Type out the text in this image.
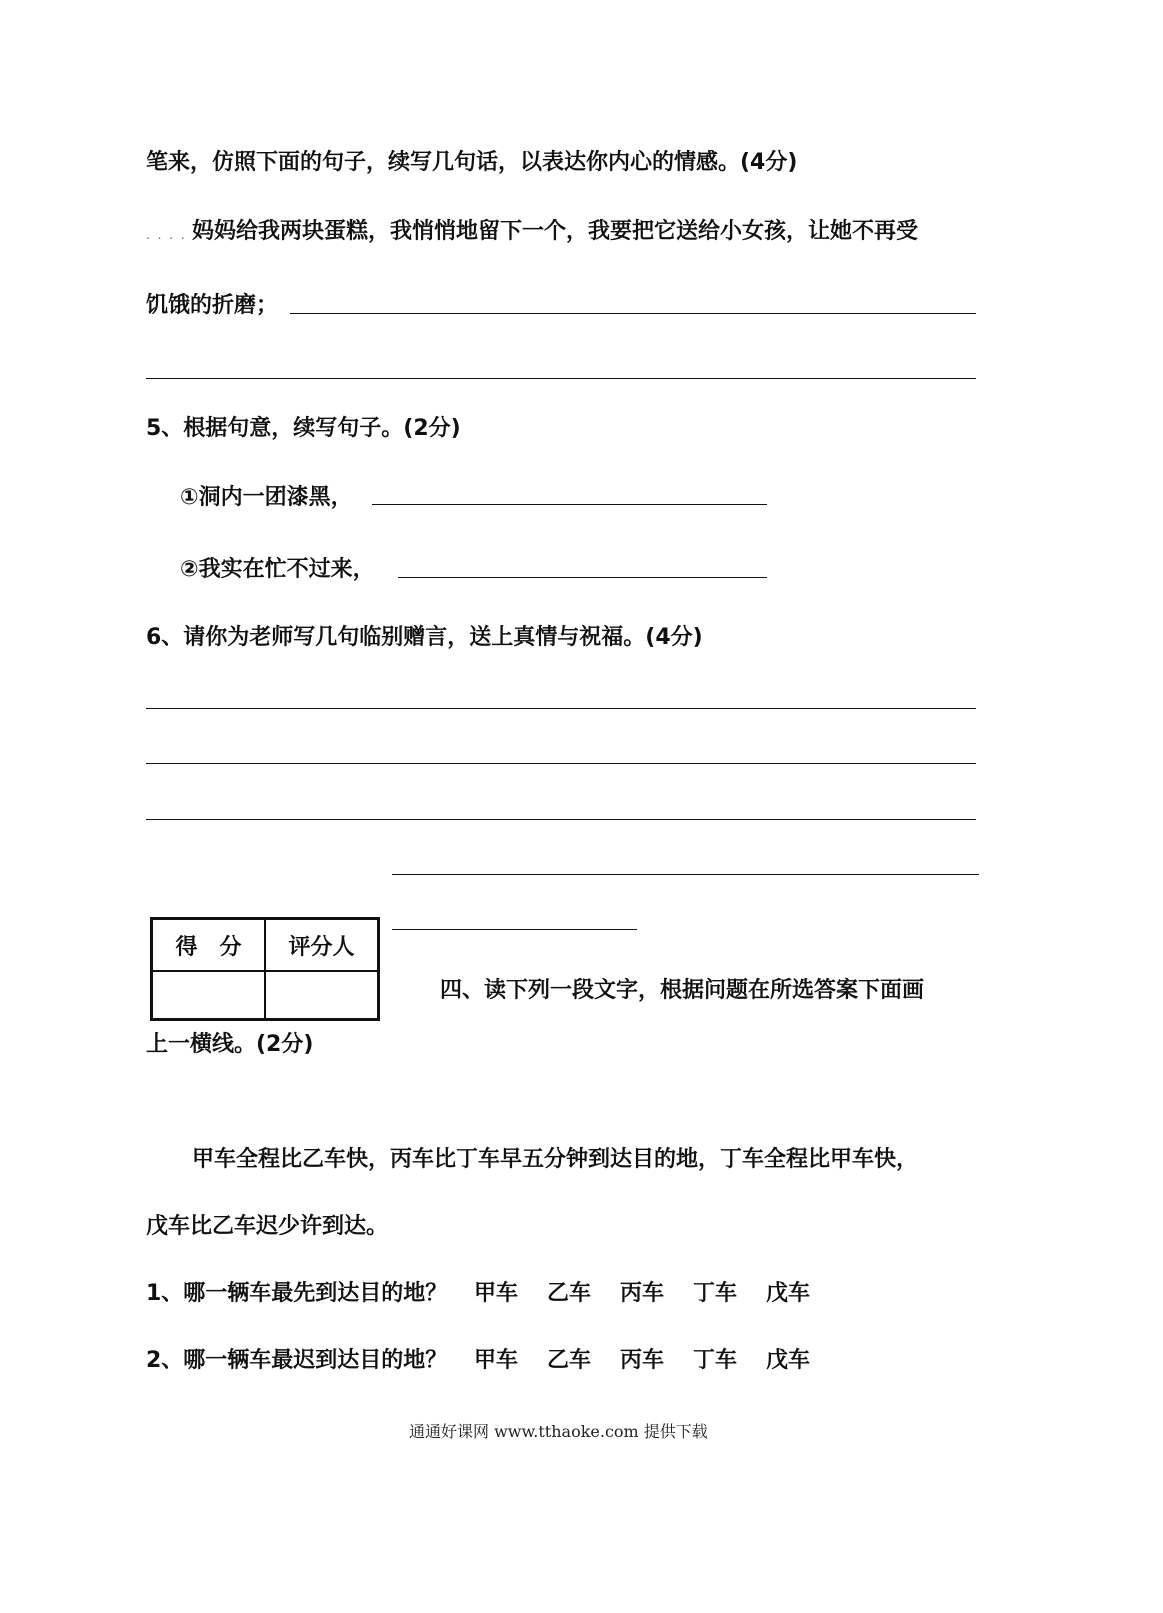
笔来，仿照下面的句子，续写几句话，以表达你内心的情感。(4分)
. . . . .
妈妈给我两块蛋糕，我悄悄地留下一个，我要把它送给小女孩，让她不再受
饥饿的折磨；
5、根据句意，续写句子。(2分)
①洞内一团漆黑，
②我实在忙不过来，
6、请你为老师写几句临别赠言，送上真情与祝福。(4分)
得　分	评分人

四、读下列一段文字，根据问题在所选答案下面画
上一横线。(2分)
甲车全程比乙车快，丙车比丁车早五分钟到达目的地，丁车全程比甲车快，
戊车比乙车迟少许到达。
1、哪一辆车最先到达目的地？ 甲车 乙车 丙车 丁车 戊车
2、哪一辆车最迟到达目的地？ 甲车 乙车 丙车 丁车 戊车
通通好课网 www.tthaoke.com 提供下载
